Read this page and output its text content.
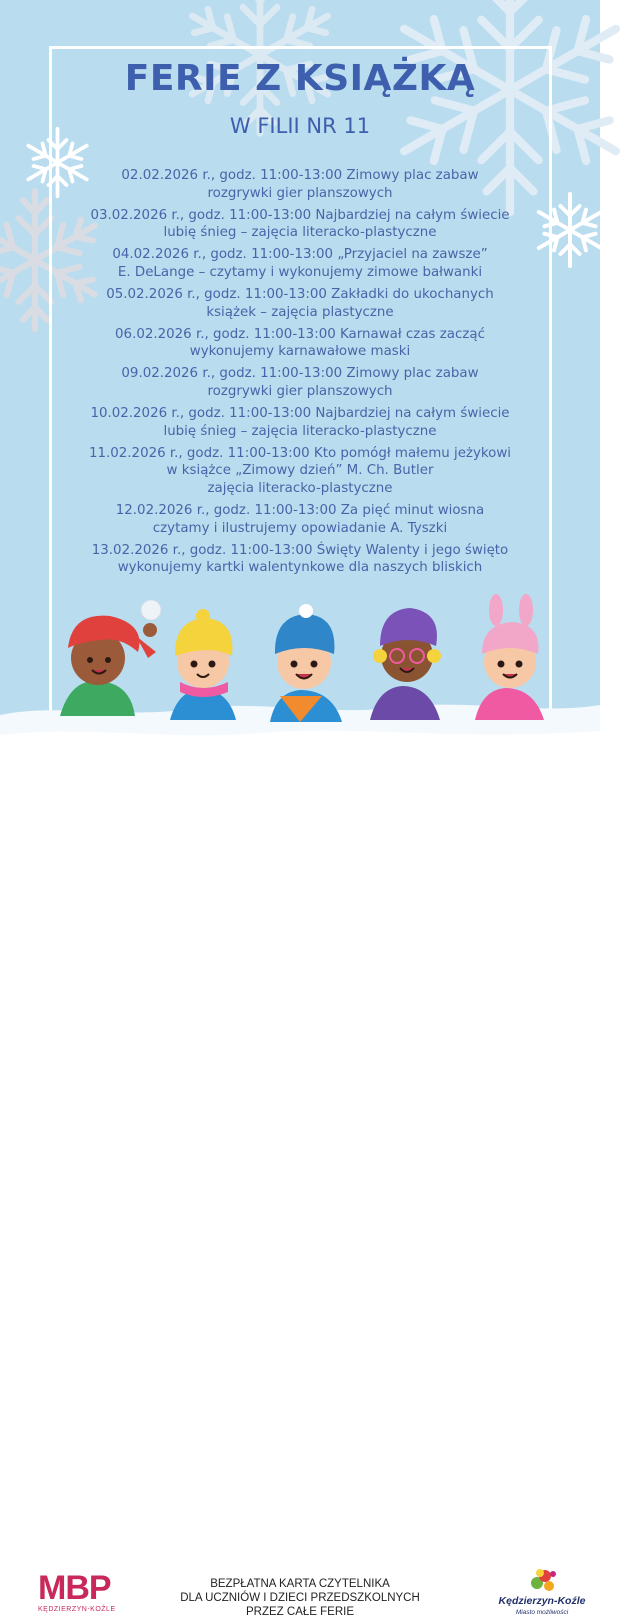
FERIE Z KSIĄŻKĄ
W FILII NR 11
02.02.2026 r., godz. 11:00-13:00 Zimowy plac zabaw
rozgrywki gier planszowych
03.02.2026 r., godz. 11:00-13:00 Najbardziej na całym świecie
lubię śnieg – zajęcia literacko-plastyczne
04.02.2026 r., godz. 11:00-13:00 „Przyjaciel na zawsze”
E. DeLange – czytamy i wykonujemy zimowe bałwanki
05.02.2026 r., godz. 11:00-13:00 Zakładki do ukochanych
książek – zajęcia plastyczne
06.02.2026 r., godz. 11:00-13:00 Karnawał czas zacząć
wykonujemy karnawałowe maski
09.02.2026 r., godz. 11:00-13:00 Zimowy plac zabaw
rozgrywki gier planszowych
10.02.2026 r., godz. 11:00-13:00 Najbardziej na całym świecie
lubię śnieg – zajęcia literacko-plastyczne
11.02.2026 r., godz. 11:00-13:00 Kto pomógł małemu jeżykowi
w książce „Zimowy dzień” M. Ch. Butler
zajęcia literacko-plastyczne
12.02.2026 r., godz. 11:00-13:00 Za pięć minut wiosna
czytamy i ilustrujemy opowiadanie A. Tyszki
13.02.2026 r., godz. 11:00-13:00 Święty Walenty i jego święto
wykonujemy kartki walentynkowe dla naszych bliskich
MBP
KĘDZIERZYN-KOŹLE
BEZPŁATNA KARTA CZYTELNIKA
DLA UCZNIÓW I DZIECI PRZEDSZKOLNYCH
PRZEZ CAŁE FERIE
Kędzierzyn-Koźle
Miasto możliwości
